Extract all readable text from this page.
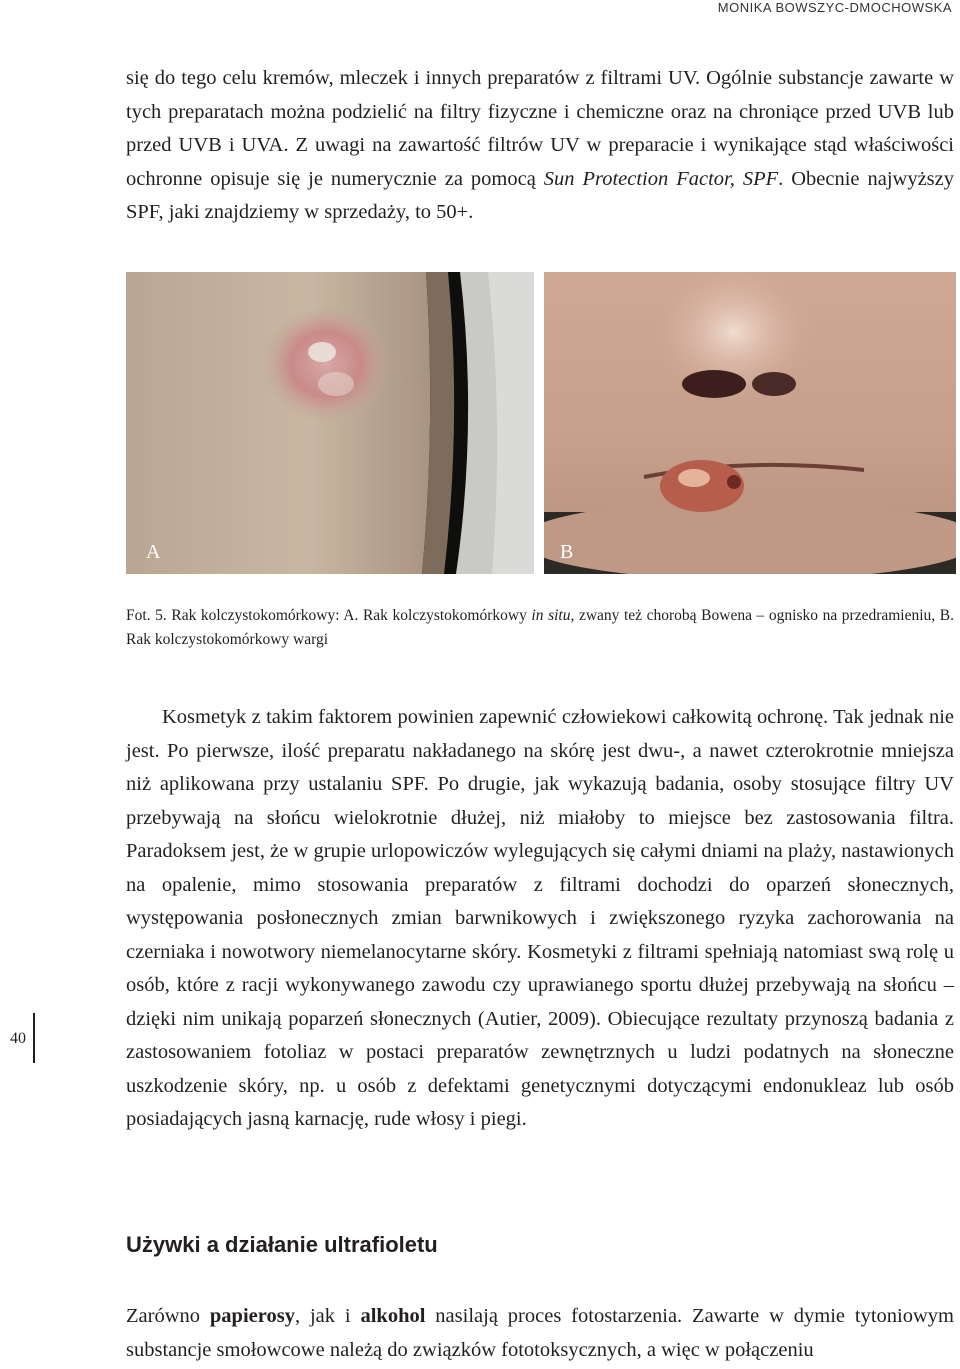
MONIKA BOWSZYC-DMOCHOWSKA

się do tego celu kremów, mleczek i innych preparatów z filtrami UV. Ogólnie substancje zawarte w tych preparatach można podzielić na filtry fizyczne i chemiczne oraz na chroniące przed UVB lub przed UVB i UVA. Z uwagi na zawartość filtrów UV w preparacie i wynikające stąd właściwości ochronne opisuje się je numerycznie za pomocą Sun Protection Factor, SPF. Obecnie najwyższy SPF, jaki znajdziemy w sprzedaży, to 50+.

A	B

Fot. 5. Rak kolczystokomórkowy: A. Rak kolczystokomórkowy in situ, zwany też chorobą Bowena – ognisko na przedramieniu, B. Rak kolczystokomórkowy wargi

Kosmetyk z takim faktorem powinien zapewnić człowiekowi całkowitą ochronę. Tak jednak nie jest. Po pierwsze, ilość preparatu nakładanego na skórę jest dwu-, a nawet czterokrotnie mniejsza niż aplikowana przy ustalaniu SPF. Po drugie, jak wykazują badania, osoby stosujące filtry UV przebywają na słońcu wielokrotnie dłużej, niż miałoby to miejsce bez zastosowania filtra. Paradoksem jest, że w grupie urlopowiczów wylegujących się całymi dniami na plaży, nastawionych na opalenie, mimo stosowania preparatów z filtrami dochodzi do oparzeń słonecznych, występowania posłonecznych zmian barwnikowych i zwiększonego ryzyka zachorowania na czerniaka i nowotwory niemelanocytarne skóry. Kosmetyki z filtrami spełniają natomiast swą rolę u osób, które z racji wykonywanego zawodu czy uprawianego sportu dłużej przebywają na słońcu – dzięki nim unikają poparzeń słonecznych (Autier, 2009). Obiecujące rezultaty przynoszą badania z zastosowaniem fotoliaz w postaci preparatów zewnętrznych u ludzi podatnych na słoneczne uszkodzenie skóry, np. u osób z defektami genetycznymi dotyczącymi endonukleaz lub osób posiadających jasną karnację, rude włosy i piegi.

40
Używki a działanie ultrafioletu

Zarówno papierosy, jak i alkohol nasilają proces fotostarzenia. Zawarte w dymie tytoniowym substancje smołowcowe należą do związków fototoksycznych, a więc w połączeniu
